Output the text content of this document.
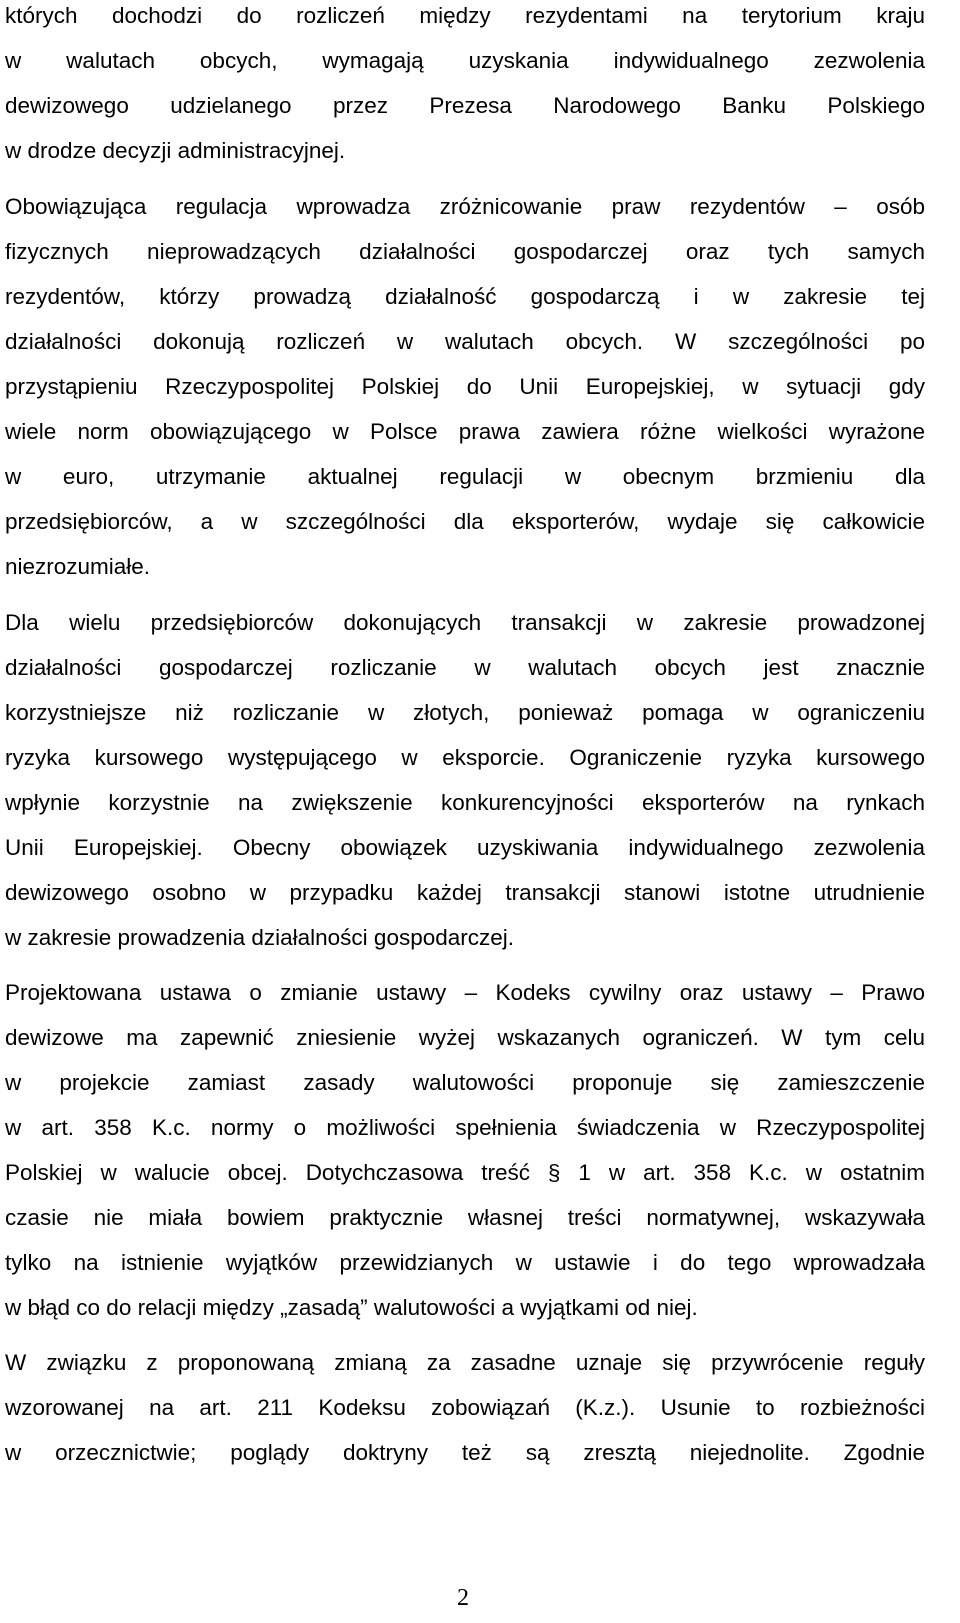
których dochodzi do rozliczeń między rezydentami na terytorium kraju
w walutach obcych, wymagają uzyskania indywidualnego zezwolenia
dewizowego udzielanego przez Prezesa Narodowego Banku Polskiego
w drodze decyzji administracyjnej.
Obowiązująca regulacja wprowadza zróżnicowanie praw rezydentów – osób
fizycznych nieprowadzących działalności gospodarczej oraz tych samych
rezydentów, którzy prowadzą działalność gospodarczą i w zakresie tej
działalności dokonują rozliczeń w walutach obcych. W szczególności po
przystąpieniu Rzeczypospolitej Polskiej do Unii Europejskiej, w sytuacji gdy
wiele norm obowiązującego w Polsce prawa zawiera różne wielkości wyrażone
w euro, utrzymanie aktualnej regulacji w obecnym brzmieniu dla
przedsiębiorców, a w szczególności dla eksporterów, wydaje się całkowicie
niezrozumiałe.
Dla wielu przedsiębiorców dokonujących transakcji w zakresie prowadzonej
działalności gospodarczej rozliczanie w walutach obcych jest znacznie
korzystniejsze niż rozliczanie w złotych, ponieważ pomaga w ograniczeniu
ryzyka kursowego występującego w eksporcie. Ograniczenie ryzyka kursowego
wpłynie korzystnie na zwiększenie konkurencyjności eksporterów na rynkach
Unii Europejskiej. Obecny obowiązek uzyskiwania indywidualnego zezwolenia
dewizowego osobno w przypadku każdej transakcji stanowi istotne utrudnienie
w zakresie prowadzenia działalności gospodarczej.
Projektowana ustawa o zmianie ustawy – Kodeks cywilny oraz ustawy – Prawo
dewizowe ma zapewnić zniesienie wyżej wskazanych ograniczeń. W tym celu
w projekcie zamiast zasady walutowości proponuje się zamieszczenie
w art. 358 K.c. normy o możliwości spełnienia świadczenia w Rzeczypospolitej
Polskiej w walucie obcej. Dotychczasowa treść § 1 w art. 358 K.c. w ostatnim
czasie nie miała bowiem praktycznie własnej treści normatywnej, wskazywała
tylko na istnienie wyjątków przewidzianych w ustawie i do tego wprowadzała
w błąd co do relacji między „zasadą” walutowości a wyjątkami od niej.
W związku z proponowaną zmianą za zasadne uznaje się przywrócenie reguły
wzorowanej na art. 211 Kodeksu zobowiązań (K.z.). Usunie to rozbieżności
w orzecznictwie; poglądy doktryny też są zresztą niejednolite. Zgodnie
2
